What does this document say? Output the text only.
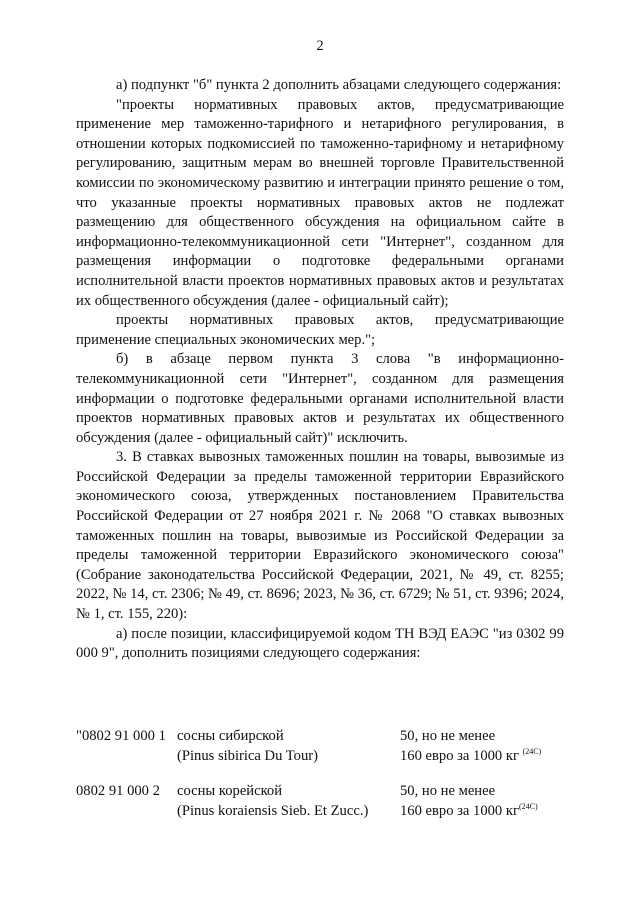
2

а) подпункт "б" пункта 2 дополнить абзацами следующего содержания:

"проекты нормативных правовых актов, предусматривающие применение мер таможенно-тарифного и нетарифного регулирования, в отношении которых подкомиссией по таможенно-тарифному и нетарифному регулированию, защитным мерам во внешней торговле Правительственной комиссии по экономическому развитию и интеграции принято решение о том, что указанные проекты нормативных правовых актов не подлежат размещению для общественного обсуждения на официальном сайте в информационно-телекоммуникационной сети "Интернет", созданном для размещения информации о подготовке федеральными органами исполнительной власти проектов нормативных правовых актов и результатах их общественного обсуждения (далее - официальный сайт);

проекты нормативных правовых актов, предусматривающие применение специальных экономических мер.";

б) в абзаце первом пункта 3 слова "в информационно-телекоммуникационной сети "Интернет", созданном для размещения информации о подготовке федеральными органами исполнительной власти проектов нормативных правовых актов и результатах их общественного обсуждения (далее - официальный сайт)" исключить.

3. В ставках вывозных таможенных пошлин на товары, вывозимые из Российской Федерации за пределы таможенной территории Евразийского экономического союза, утвержденных постановлением Правительства Российской Федерации от 27 ноября 2021 г. № 2068 "О ставках вывозных таможенных пошлин на товары, вывозимые из Российской Федерации за пределы таможенной территории Евразийского экономического союза" (Собрание законодательства Российской Федерации, 2021, № 49, ст. 8255; 2022, № 14, ст. 2306; № 49, ст. 8696; 2023, № 36, ст. 6729; № 51, ст. 9396; 2024, № 1, ст. 155, 220):

а) после позиции, классифицируемой кодом ТН ВЭД ЕАЭС "из 0302 99 000 9", дополнить позициями следующего содержания:

"0802 91 000 1 сосны сибирской
(Pinus sibirica Du Tour)
50, но не менее
160 евро за 1000 кг $^{(24С)}$
0802 91 000 2 сосны корейской
(Pinus koraiensis Sieb. Et Zucc.)
50, но не менее
160 евро за 1000 $кг^{(24С)}$
